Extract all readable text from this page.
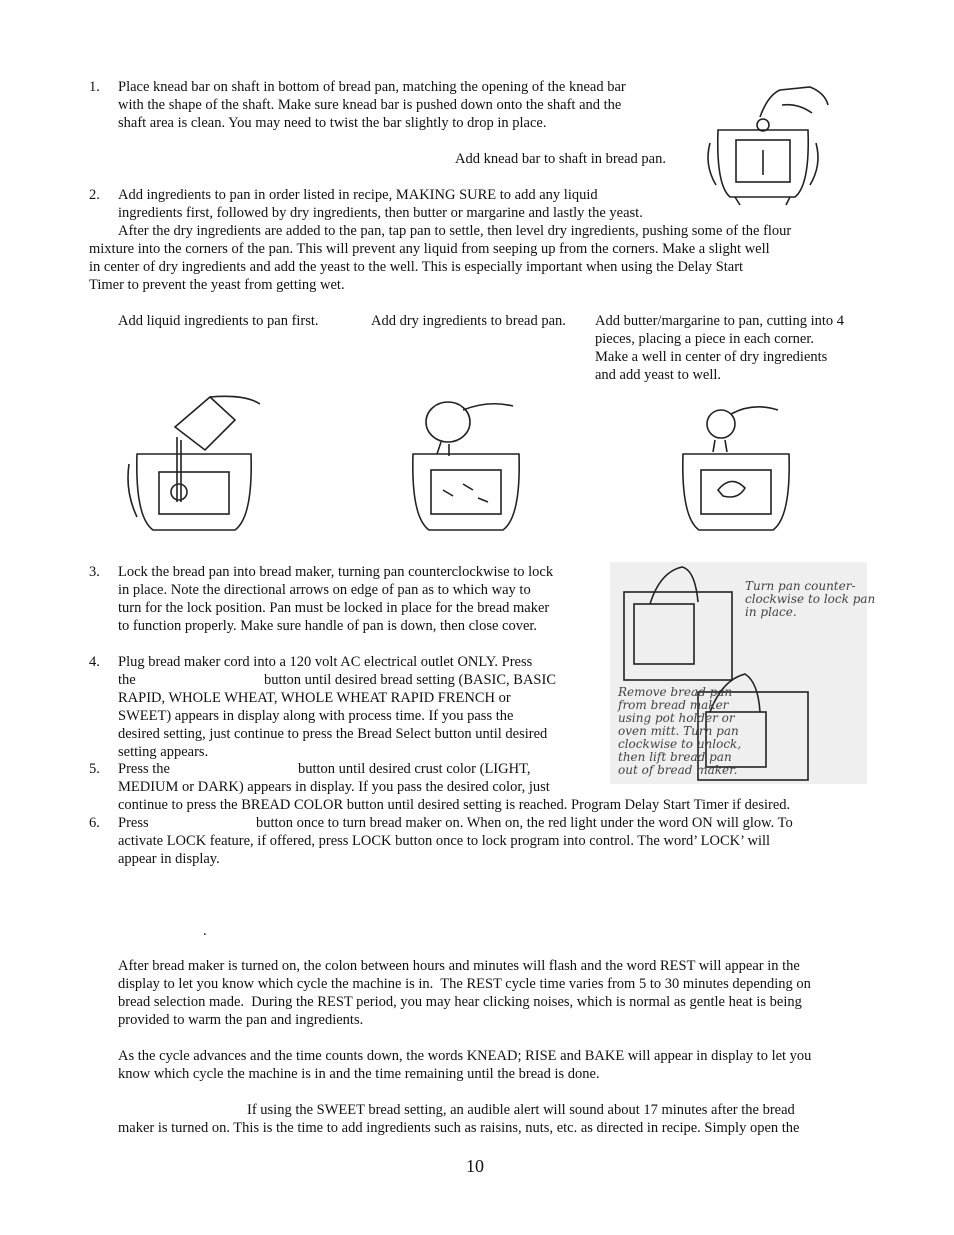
1. Place knead bar on shaft in bottom of bread pan, matching the opening of the knead bar
with the shape of the shaft. Make sure knead bar is pushed down onto the shaft and the
shaft area is clean. You may need to twist the bar slightly to drop in place.
Add knead bar to shaft in bread pan.
2. Add ingredients to pan in order listed in recipe, MAKING SURE to add any liquid
ingredients first, followed by dry ingredients, then butter or margarine and lastly the yeast.
After the dry ingredients are added to the pan, tap pan to settle, then level dry ingredients, pushing some of the flour
mixture into the corners of the pan. This will prevent any liquid from seeping up from the corners. Make a slight well
in center of dry ingredients and add the yeast to the well. This is especially important when using the Delay Start
Timer to prevent the yeast from getting wet.
Add liquid ingredients to pan first.	Add dry ingredients to bread pan. Add butter/margarine to pan, cutting into 4
pieces, placing a piece in each corner.
Make a well in center of dry ingredients
and add yeast to well.
Turn pan counter-
clockwise to lock pan
in place.
Remove bread pan
from bread maker
using pot holder or
oven mitt. Turn pan
clockwise to unlock,
then lift bread pan
out of bread maker.
3. Lock the bread pan into bread maker, turning pan counterclockwise to lock
in place. Note the directional arrows on edge of pan as to which way to
turn for the lock position. Pan must be locked in place for the bread maker
to function properly. Make sure handle of pan is down, then close cover.
4. Plug bread maker cord into a 120 volt AC electrical outlet ONLY. Press
the	button until desired bread setting (BASIC, BASIC
RAPID, WHOLE WHEAT, WHOLE WHEAT RAPID FRENCH or
SWEET) appears in display along with process time. If you pass the
desired setting, just continue to press the Bread Select button until desired
setting appears.
5. Press the	button until desired crust color (LIGHT,
MEDIUM or DARK) appears in display. If you pass the desired color, just
continue to press the BREAD COLOR button until desired setting is reached. Program Delay Start Timer if desired.
6. Press	button once to turn bread maker on. When on, the red light under the word ON will glow. To
activate LOCK feature, if offered, press LOCK button once to lock program into control. The word’ LOCK’ will
appear in display.
.
After bread maker is turned on, the colon between hours and minutes will flash and the word REST will appear in the
display to let you know which cycle the machine is in.  The REST cycle time varies from 5 to 30 minutes depending on
bread selection made.  During the REST period, you may hear clicking noises, which is normal as gentle heat is being
provided to warm the pan and ingredients.
As the cycle advances and the time counts down, the words KNEAD; RISE and BAKE will appear in display to let you
know which cycle the machine is in and the time remaining until the bread is done.
If using the SWEET bread setting, an audible alert will sound about 17 minutes after the bread
maker is turned on. This is the time to add ingredients such as raisins, nuts, etc. as directed in recipe. Simply open the
10
